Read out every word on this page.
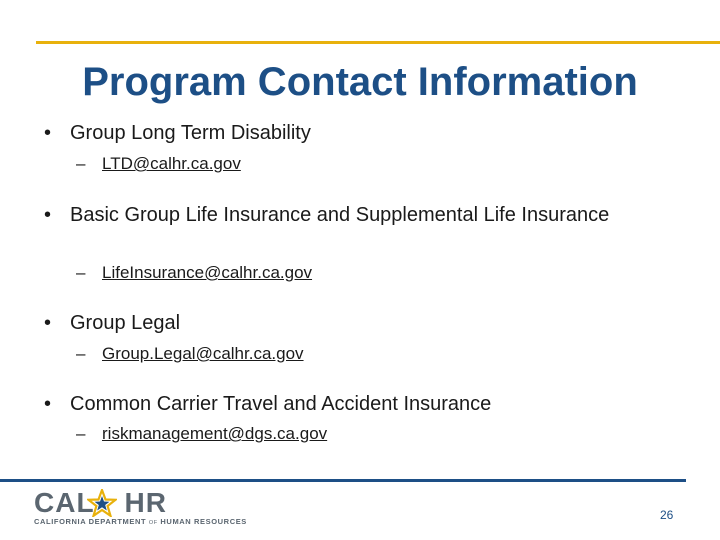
Program Contact Information
• Group Long Term Disability
– LTD@calhr.ca.gov
• Basic Group Life Insurance and Supplemental Life Insurance
– LifeInsurance@calhr.ca.gov
• Group Legal
– Group.Legal@calhr.ca.gov
• Common Carrier Travel and Accident Insurance
– riskmanagement@dgs.ca.gov
CAL HR
CALIFORNIA DEPARTMENT OF HUMAN RESOURCES	26
